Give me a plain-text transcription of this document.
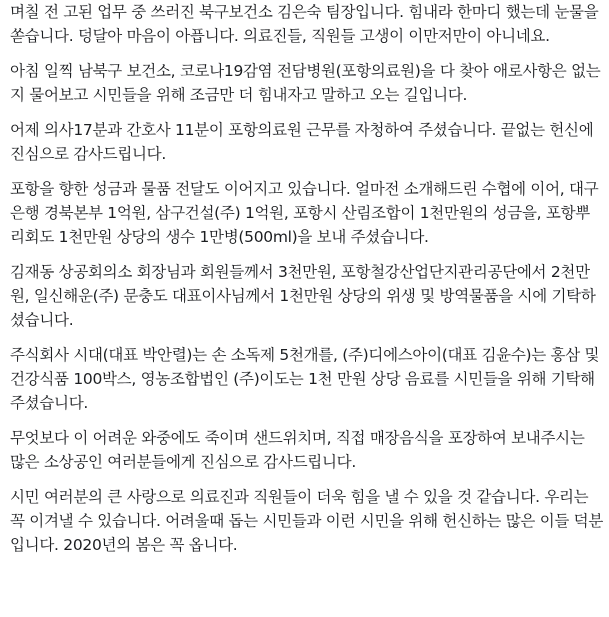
며칠 전 고된 업무 중 쓰러진 북구보건소 김은숙 팀장입니다. 힘내라 한마디 했는데 눈물을 쏟습니다. 덩달아 마음이 아픕니다. 의료진들, 직원들 고생이 이만저만이 아니네요.

아침 일찍 남북구 보건소, 코로나19감염 전담병원(포항의료원)을 다 찾아 애로사항은 없는지 물어보고 시민들을 위해 조금만 더 힘내자고 말하고 오는 길입니다.

어제 의사17분과 간호사 11분이 포항의료원 근무를 자청하여 주셨습니다. 끝없는 헌신에 진심으로 감사드립니다.

포항을 향한 성금과 물품 전달도 이어지고 있습니다. 얼마전 소개해드린 수협에 이어, 대구은행 경북본부 1억원, 삼구건설(주) 1억원, 포항시 산림조합이 1천만원의 성금을, 포항뿌리회도 1천만원 상당의 생수 1만병(500ml)을 보내 주셨습니다.

김재동 상공회의소 회장님과 회원들께서 3천만원, 포항철강산업단지관리공단에서 2천만원, 일신해운(주) 문충도 대표이사님께서 1천만원 상당의 위생 및 방역물품을 시에 기탁하셨습니다.

주식회사 시대(대표 박안렬)는 손 소독제 5천개를, (주)디에스아이(대표 김윤수)는 홍삼 및 건강식품 100박스, 영농조합법인 (주)이도는 1천 만원 상당 음료를 시민들을 위해 기탁해 주셨습니다.

무엇보다 이 어려운 와중에도 죽이며 샌드위치며, 직접 매장음식을 포장하여 보내주시는 많은 소상공인 여러분들에게 진심으로 감사드립니다.

시민 여러분의 큰 사랑으로 의료진과 직원들이 더욱 힘을 낼 수 있을 것 같습니다. 우리는 꼭 이겨낼 수 있습니다. 어려울때 돕는 시민들과 이런 시민을 위해 헌신하는 많은 이들 덕분입니다. 2020년의 봄은 꼭 옵니다.
